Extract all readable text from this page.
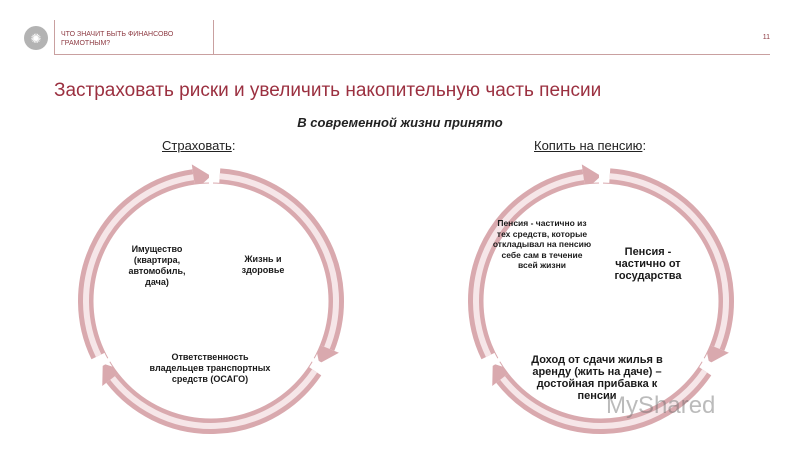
✺	ЧТО ЗНАЧИТ БЫТЬ ФИНАНСОВО ГРАМОТНЫМ?
11
Застраховать риски и увеличить накопительную часть пенсии
В современной жизни принято
Страховать:	Копить на пенсию:
Жизнь и здоровье
Ответственность владельцев транспортных средств (ОСАГО)
Имущество (квартира, автомобиль, дача)
Пенсия - частично от государства
Доход от сдачи жилья в аренду (жить на даче) – достойная прибавка к пенсии
Пенсия - частично из тех средств, которые откладывал на пенсию себе сам в течение всей жизни
MyShared
